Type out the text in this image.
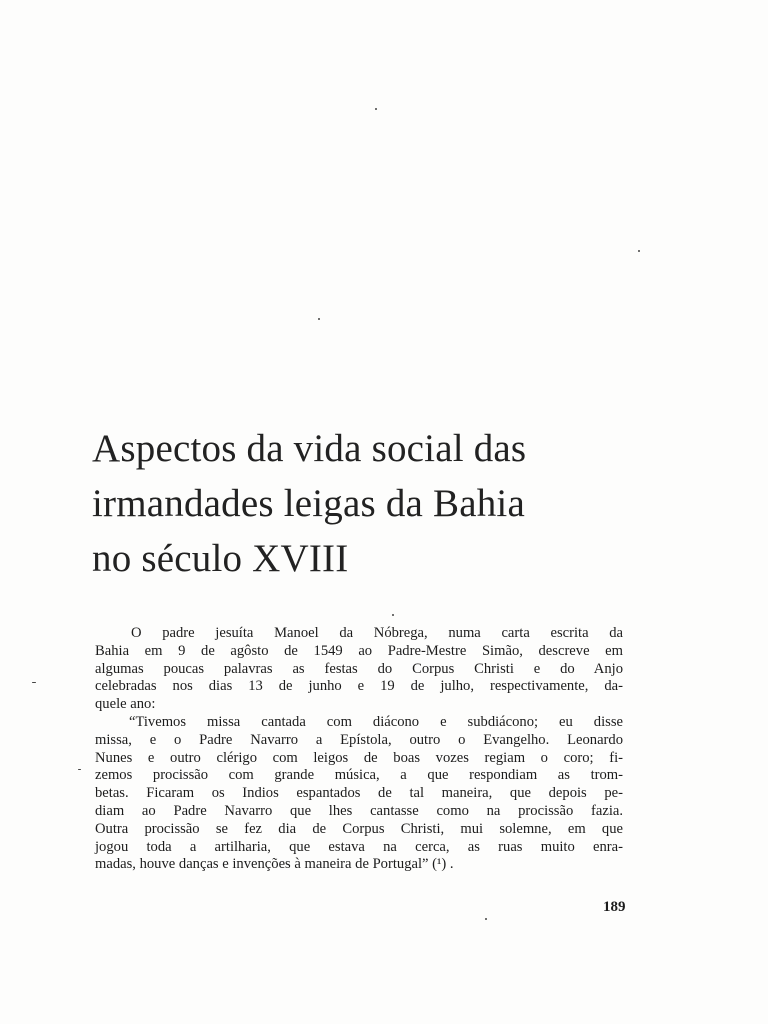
Aspectos da vida social das
irmandades leigas da Bahia
no século XVIII
O padre jesuíta Manoel da Nóbrega, numa carta escrita da
Bahia em 9 de agôsto de 1549 ao Padre-Mestre Simão, descreve em
algumas poucas palavras as festas do Corpus Christi e do Anjo
celebradas nos dias 13 de junho e 19 de julho, respectivamente, da-
quele ano:
“Tivemos missa cantada com diácono e subdiácono; eu disse
missa, e o Padre Navarro a Epístola, outro o Evangelho. Leonardo
Nunes e outro clérigo com leigos de boas vozes regiam o coro; fi-
zemos procissão com grande música, a que respondiam as trom-
betas. Ficaram os Indios espantados de tal maneira, que depois pe-
diam ao Padre Navarro que lhes cantasse como na procissão fazia.
Outra procissão se fez dia de Corpus Christi, mui solemne, em que
jogou toda a artilharia, que estava na cerca, as ruas muito enra-
madas, houve danças e invenções à maneira de Portugal” (¹) .
189
